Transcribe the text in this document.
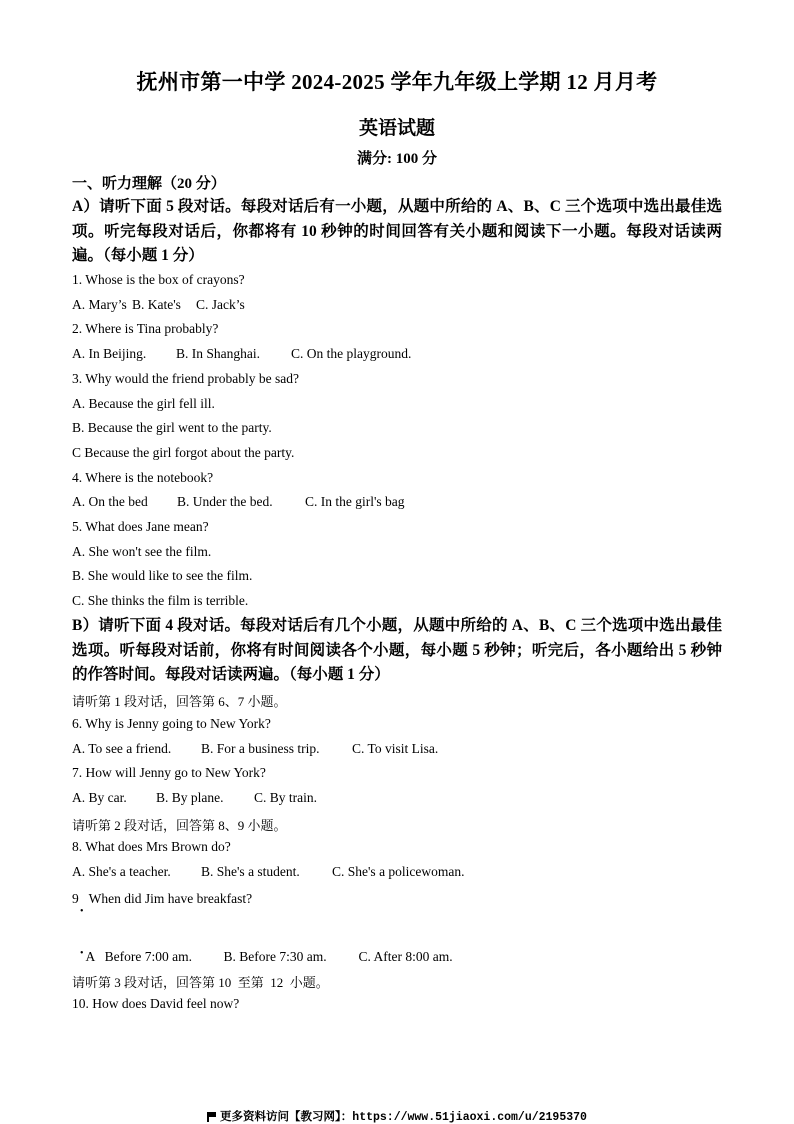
抚州市第一中学 2024-2025 学年九年级上学期 12 月月考
英语试题
满分: 100 分
一、听力理解（20 分）
A）请听下面 5 段对话。每段对话后有一小题，从题中所给的 A、B、C 三个选项中选出最佳选项。听完每段对话后，你都将有 10 秒钟的时间回答有关小题和阅读下一小题。每段对话读两遍。（每小题 1 分）
1. Whose is the box of crayons?
A. Mary’s B. Kate's C. Jack’s
2. Where is Tina probably?
A. In Beijing. B. In Shanghai. C. On the playground.
3. Why would the friend probably be sad?
A. Because the girl fell ill.
B. Because the girl went to the party.
C Because the girl forgot about the party.
4. Where is the notebook?
A. On the bed B. Under the bed. C. In the girl's bag
5. What does Jane mean?
A. She won't see the film.
B. She would like to see the film.
C. She thinks the film is terrible.
B）请听下面 4 段对话。每段对话后有几个小题，从题中所给的 A、B、C 三个选项中选出最佳选项。听每段对话前，你将有时间阅读各个小题，每小题 5 秒钟；听完后，各小题给出 5 秒钟的作答时间。每段对话读两遍。（每小题 1 分）
请听第 1 段对话，回答第 6、7 小题。
6. Why is Jenny going to New York?
A. To see a friend. B. For a business trip. C. To visit Lisa.
7. How will Jenny go to New York?
A. By car. B. By plane. C. By train.
请听第 2 段对话，回答第 8、9 小题。
8. What does Mrs Brown do?
A. She's a teacher. B. She's a student. C. She's a policewoman.
9   When did Jim have breakfast?
•

A   Before 7:00 am. B. Before 7:30 am. C. After 8:00 am.

•
请听第 3 段对话，回答第 10  至第  12  小题。
10. How does David feel now?
更多资料访问【教习网】：https://www.51jiaoxi.com/u/2195370
